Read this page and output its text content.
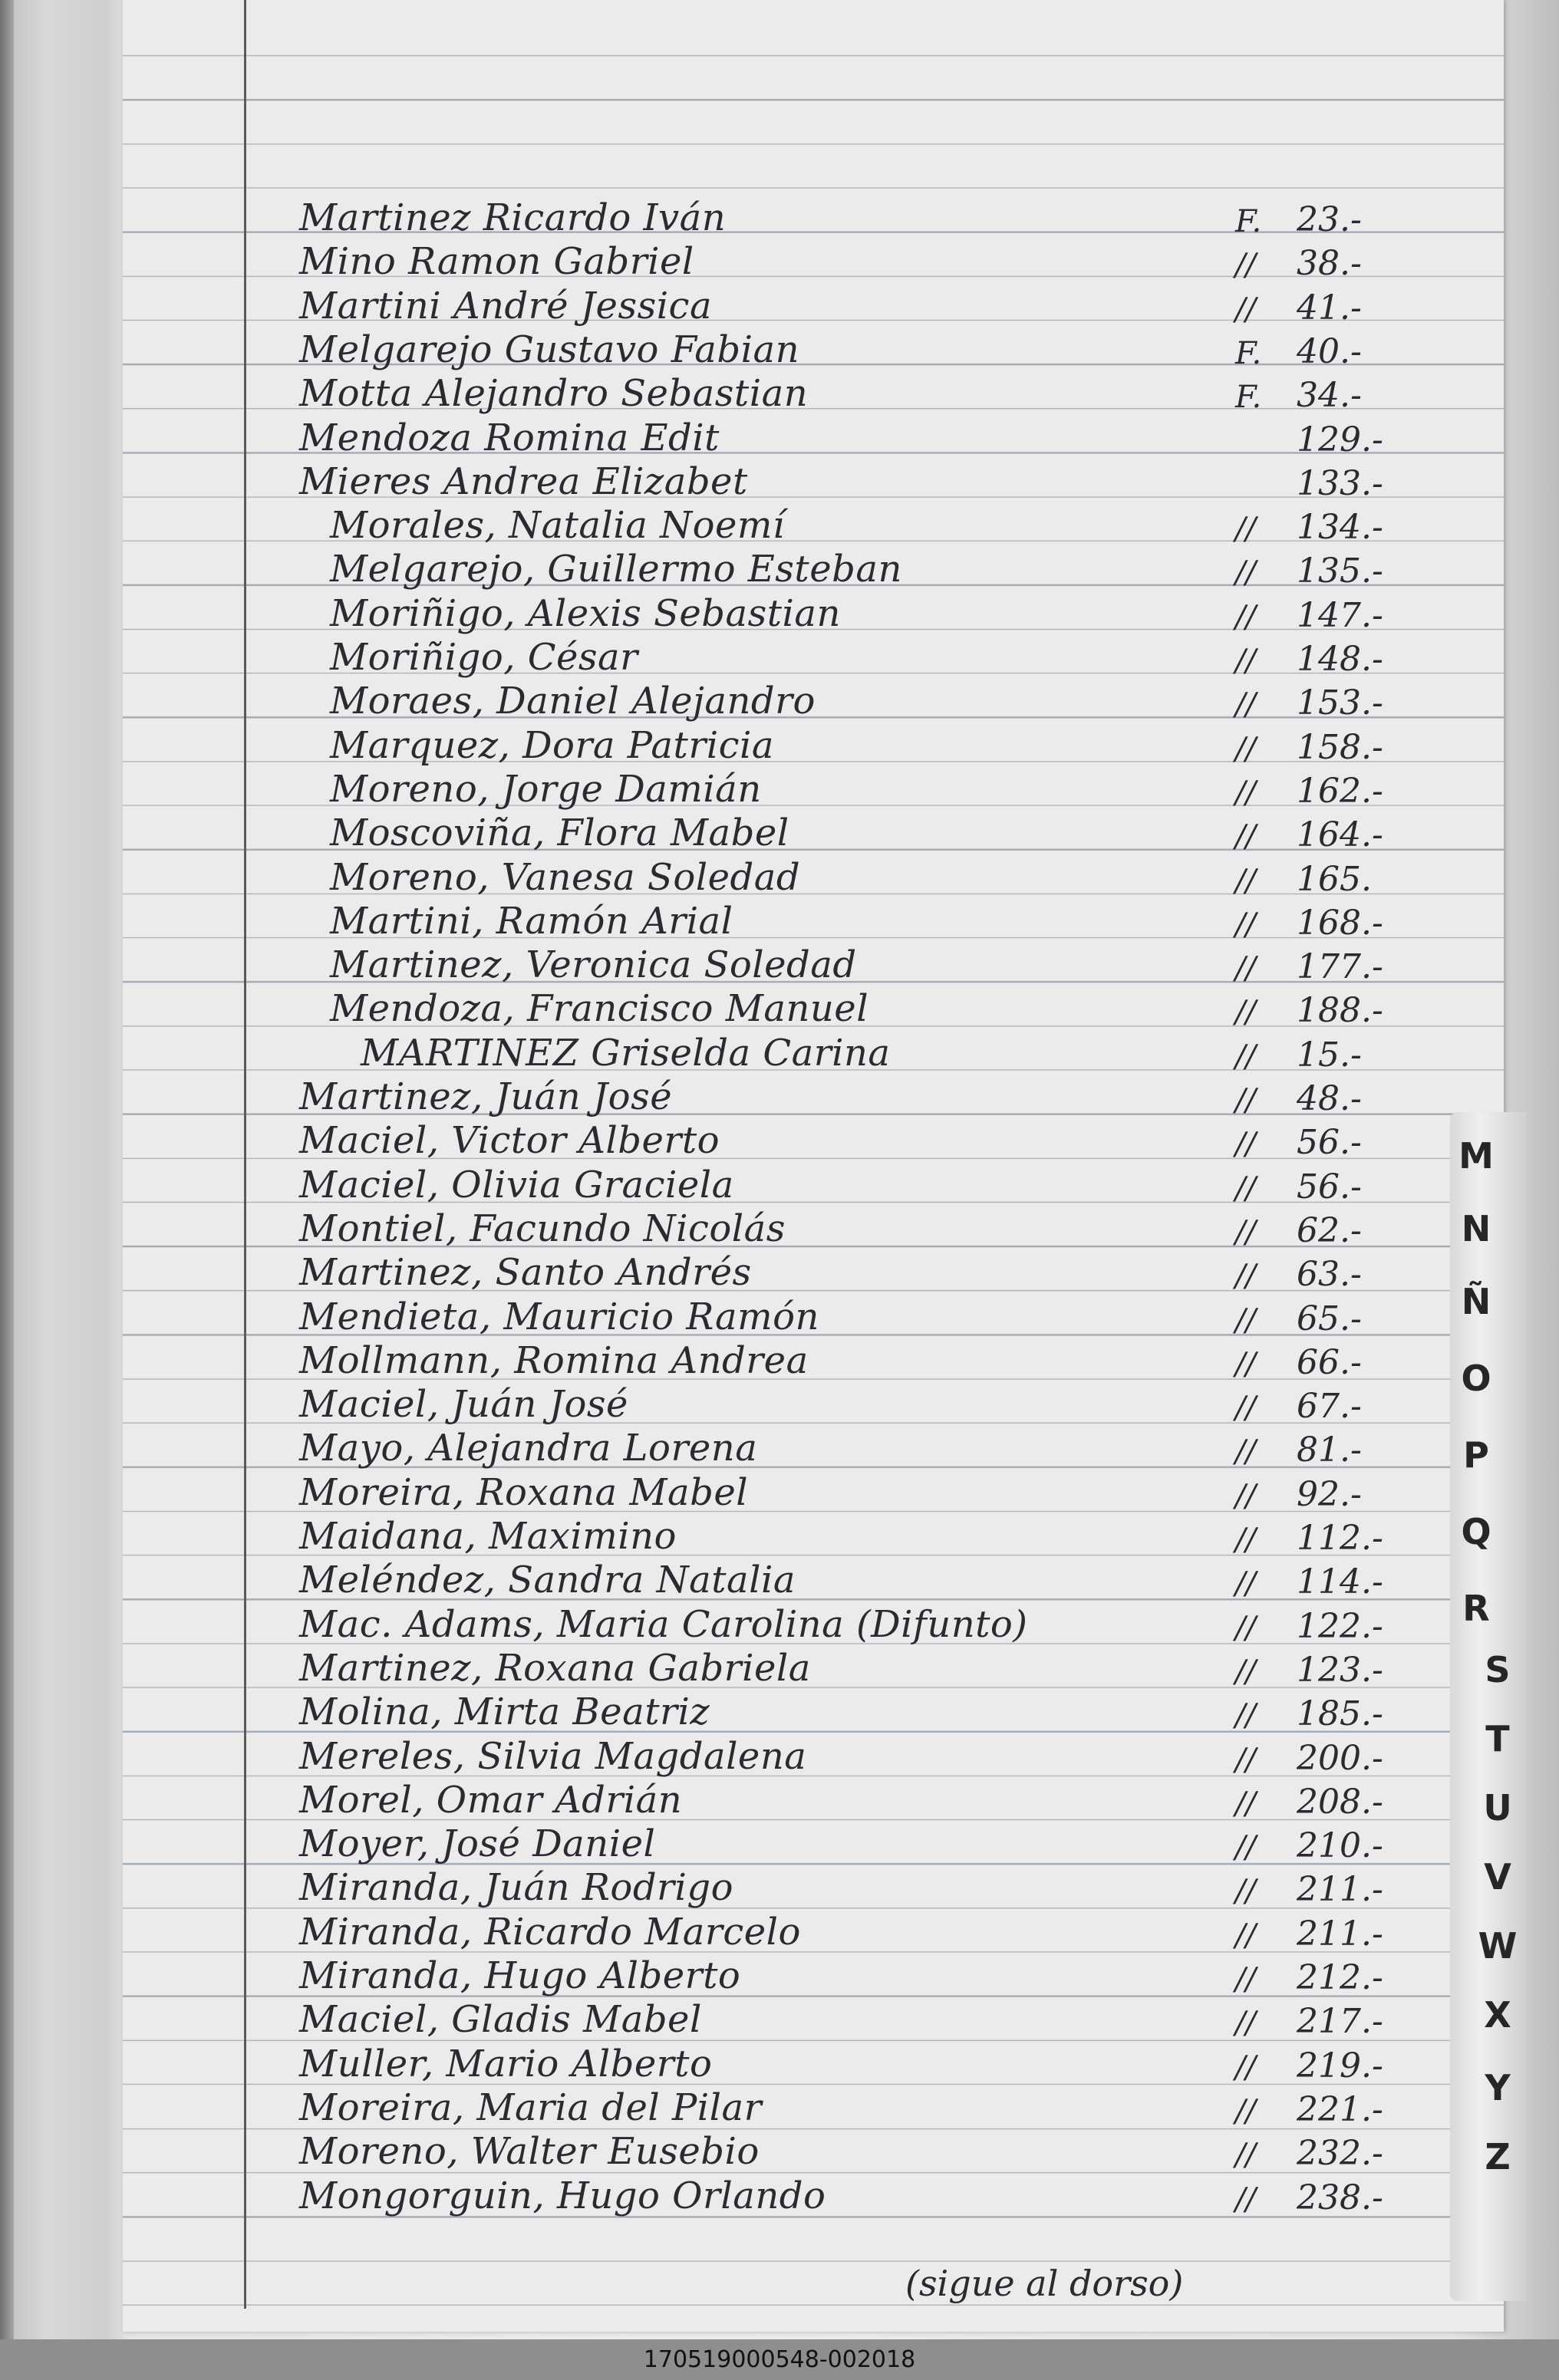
Martinez Ricardo Iván	F. 23.-
Mino Ramon Gabriel	// 38.-
Martini André Jessica	// 41.-
Melgarejo Gustavo Fabian	F. 40.-
Motta Alejandro Sebastian	F. 34.-
Mendoza Romina Edit	129.-
Mieres Andrea Elizabet	133.-
Morales, Natalia Noemí	// 134.-
Melgarejo, Guillermo Esteban	// 135.-
Moriñigo, Alexis Sebastian	// 147.-
Moriñigo, César	// 148.-
Moraes, Daniel Alejandro	// 153.-
Marquez, Dora Patricia	// 158.-
Moreno, Jorge Damián	// 162.-
Moscoviña, Flora Mabel	// 164.-
Moreno, Vanesa Soledad	// 165.
Martini, Ramón Arial	// 168.-
Martinez, Veronica Soledad	// 177.-
Mendoza, Francisco Manuel	// 188.-
MARTINEZ Griselda Carina	// 15.-
Martinez, Juán José	// 48.-
Maciel, Victor Alberto	// 56.-
Maciel, Olivia Graciela	// 56.-
Montiel, Facundo Nicolás	// 62.-
Martinez, Santo Andrés	// 63.-
Mendieta, Mauricio Ramón	// 65.-
Mollmann, Romina Andrea	// 66.-
Maciel, Juán José	// 67.-
Mayo, Alejandra Lorena	// 81.-
Moreira, Roxana Mabel	// 92.-
Maidana, Maximino	// 112.-
Meléndez, Sandra Natalia	// 114.-
Mac. Adams, Maria Carolina (Difunto)	// 122.-
Martinez, Roxana Gabriela	// 123.-
Molina, Mirta Beatriz	// 185.-
Mereles, Silvia Magdalena	// 200.-
Morel, Omar Adrián	// 208.-
Moyer, José Daniel	// 210.-
Miranda, Juán Rodrigo	// 211.-
Miranda, Ricardo Marcelo	// 211.-
Miranda, Hugo Alberto	// 212.-
Maciel, Gladis Mabel	// 217.-
Muller, Mario Alberto	// 219.-
Moreira, Maria del Pilar	// 221.-
Moreno, Walter Eusebio	// 232.-
Mongorguin, Hugo Orlando	// 238.-
(sigue al dorso)
M
N
Ñ
O
P
Q
R
S
T
U
V
W
X
Y
Z
170519000548-002018
